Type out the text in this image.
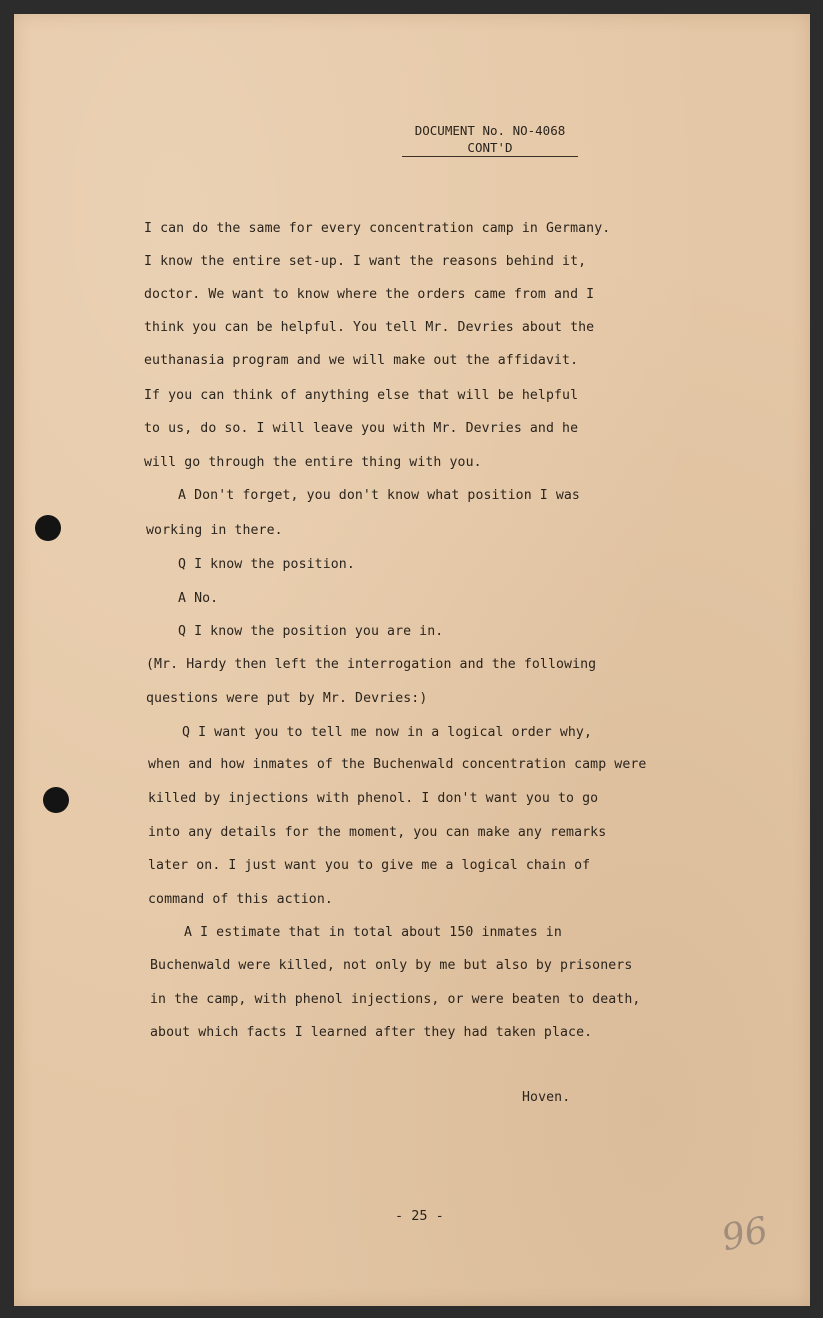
DOCUMENT No. NO-4068
CONT'D
I can do the same for every concentration camp in Germany.
I know the entire set-up. I want the reasons behind it,
doctor. We want to know where the orders came from and I
think you can be helpful. You tell Mr. Devries about the
euthanasia program and we will make out the affidavit.
If you can think of anything else that will be helpful
to us, do so. I will leave you with Mr. Devries and he
will go through the entire thing with you.
A Don't forget, you don't know what position I was
working in there.
Q I know the position.
A No.
Q I know the position you are in.
(Mr. Hardy then left the interrogation and the following
questions were put by Mr. Devries:)
Q I want you to tell me now in a logical order why,
when and how inmates of the Buchenwald concentration camp were
killed by injections with phenol. I don't want you to go
into any details for the moment, you can make any remarks
later on. I just want you to give me a logical chain of
command of this action.
A I estimate that in total about 150 inmates in
Buchenwald were killed, not only by me but also by prisoners
in the camp, with phenol injections, or were beaten to death,
about which facts I learned after they had taken place.
Hoven.
- 25 -	96
